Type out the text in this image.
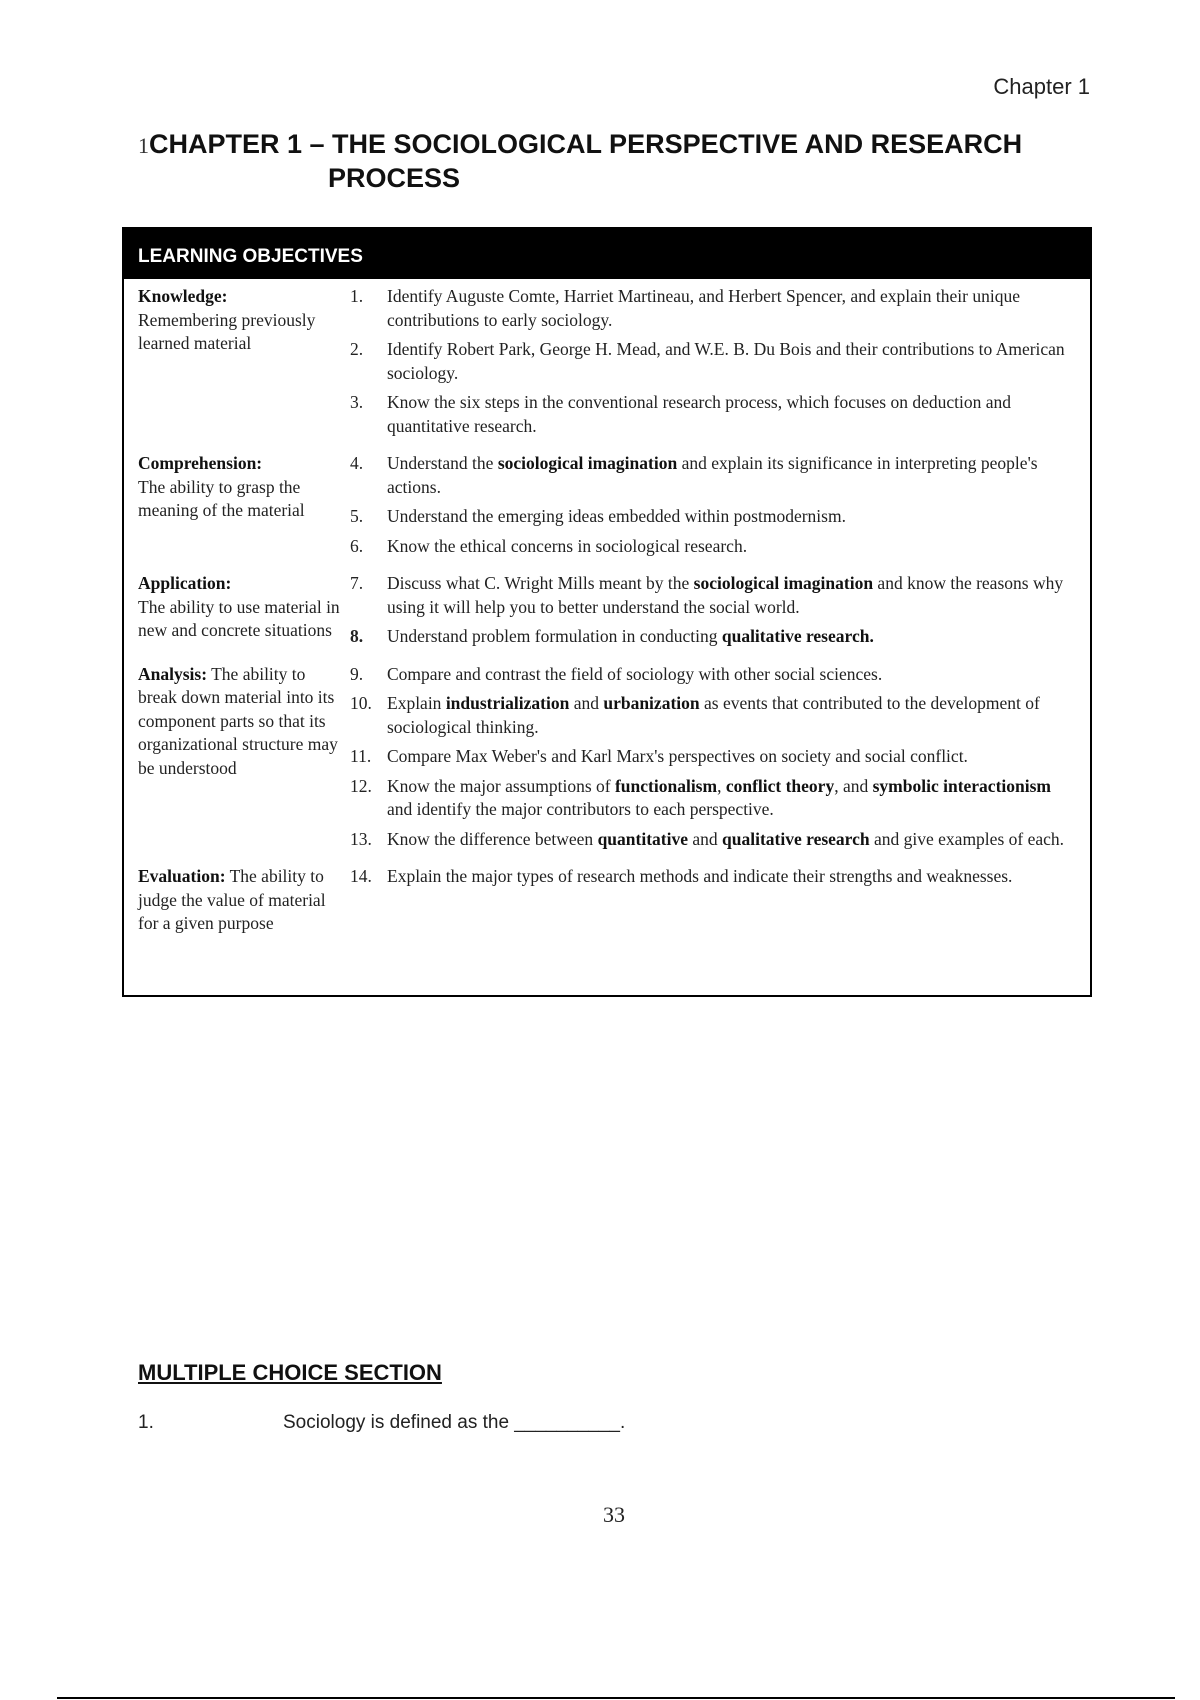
Chapter 1
1CHAPTER 1 – THE SOCIOLOGICAL PERSPECTIVE AND RESEARCH
PROCESS
LEARNING OBJECTIVES
Knowledge:
Remembering previously learned material
1.	Identify Auguste Comte, Harriet Martineau, and Herbert Spencer, and explain their unique contributions to early sociology.
2.	Identify Robert Park, George H. Mead, and W.E. B. Du Bois and their contributions to American sociology.
3.	Know the six steps in the conventional research process, which focuses on deduction and quantitative research.
Comprehension:
The ability to grasp the meaning of the material
4.	Understand the sociological imagination and explain its significance in interpreting people's actions.
5.	Understand the emerging ideas embedded within postmodernism.
6.	Know the ethical concerns in sociological research.
Application:
The ability to use material in new and concrete situations
7.	Discuss what C. Wright Mills meant by the sociological imagination and know the reasons why using it will help you to better understand the social world.
8.	Understand problem formulation in conducting qualitative research.
Analysis: The ability to break down material into its component parts so that its organizational structure may be understood
9.	Compare and contrast the field of sociology with other social sciences.
10. Explain industrialization and urbanization as events that contributed to the development of sociological thinking.
11. Compare Max Weber's and Karl Marx's perspectives on society and social conflict.
12. Know the major assumptions of functionalism, conflict theory, and symbolic interactionism and identify the major contributors to each perspective.
13. Know the difference between quantitative and qualitative research and give examples of each.
Evaluation: The ability to judge the value of material for a given purpose
14. Explain the major types of research methods and indicate their strengths and weaknesses.
MULTIPLE CHOICE SECTION
1.	Sociology is defined as the __________.
33
